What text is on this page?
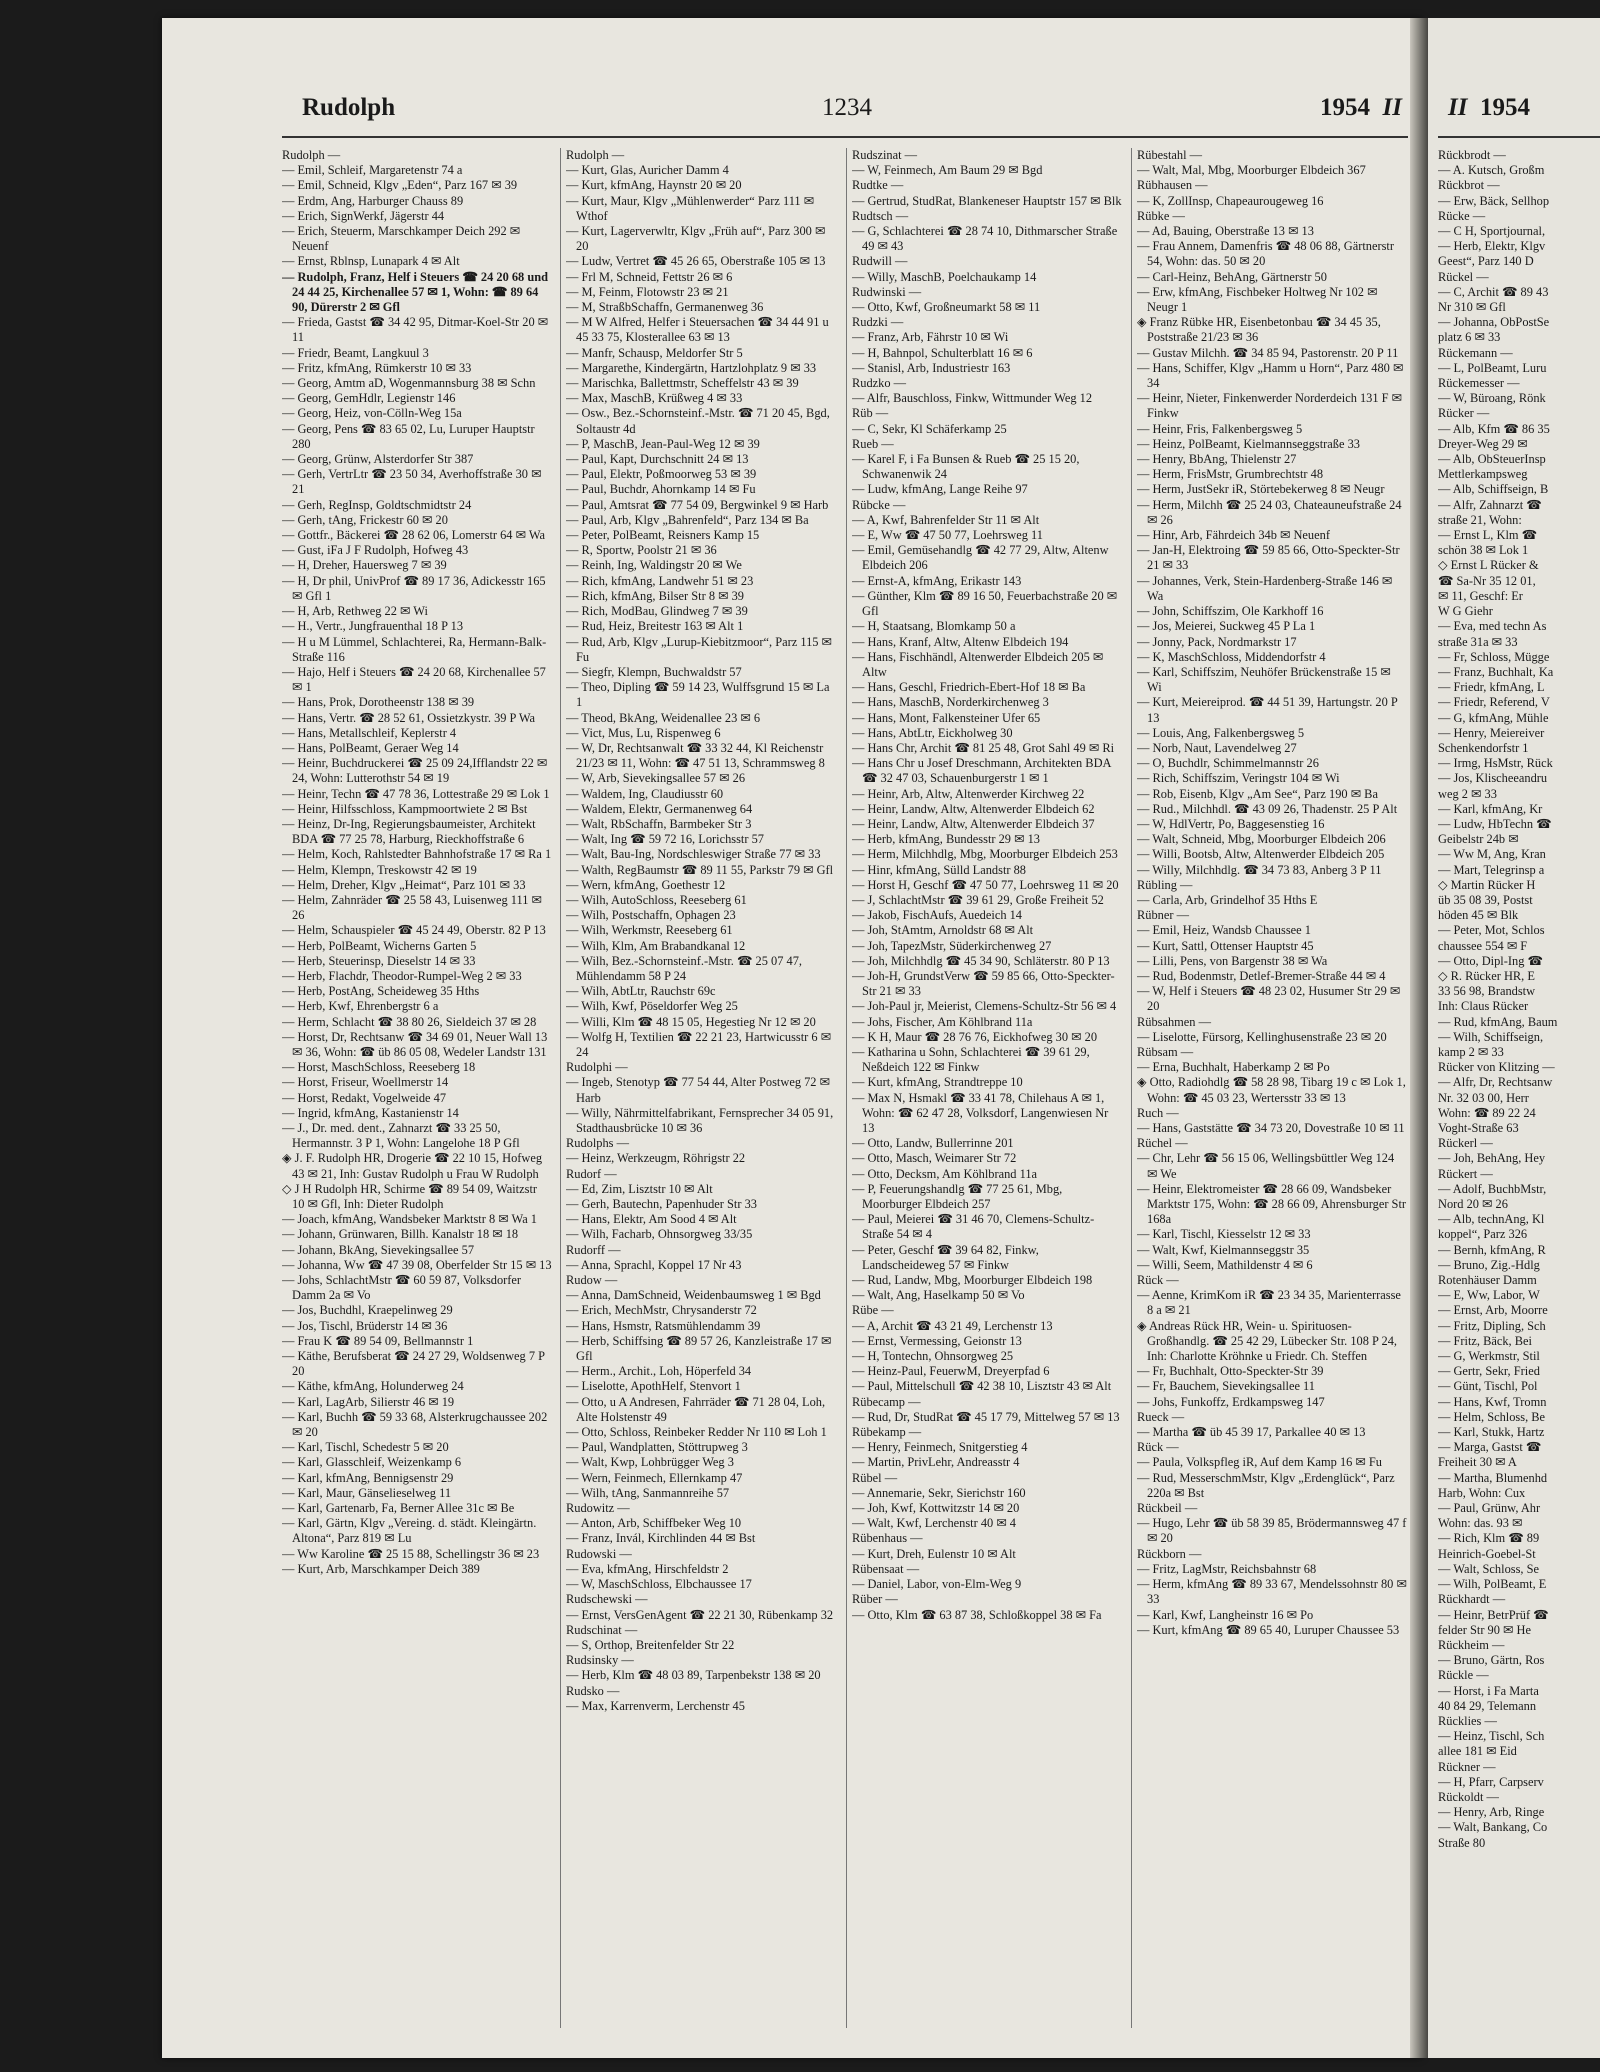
Rudolph	1234	1954 II

Rudolph —

— Emil, Schleif, Margaretenstr 74 a

— Emil, Schneid, Klgv „Eden“, Parz 167 ✉ 39

— Erdm, Ang, Harburger Chauss 89

— Erich, SignWerkf, Jägerstr 44

— Erich, Steuerm, Marschkamper Deich 292 ✉ Neuenf

— Ernst, Rblnsp, Lunapark 4 ✉ Alt

— Rudolph, Franz, Helf i Steuers ☎ 24 20 68 und 24 44 25, Kirchenallee 57 ✉ 1, Wohn: ☎ 89 64 90, Dürerstr 2 ✉ Gfl

— Frieda, Gastst ☎ 34 42 95, Ditmar-Koel-Str 20 ✉ 11

— Friedr, Beamt, Langkuul 3

— Fritz, kfmAng, Rümkerstr 10 ✉ 33

— Georg, Amtm aD, Wogenmannsburg 38 ✉ Schn

— Georg, GemHdlr, Legienstr 146

— Georg, Heiz, von-Cölln-Weg 15a

— Georg, Pens ☎ 83 65 02, Lu, Luruper Hauptstr 280

— Georg, Grünw, Alsterdorfer Str 387

— Gerh, VertrLtr ☎ 23 50 34, Averhoffstraße 30 ✉ 21

— Gerh, RegInsp, Goldtschmidtstr 24

— Gerh, tAng, Frickestr 60 ✉ 20

— Gottfr., Bäckerei ☎ 28 62 06, Lomerstr 64 ✉ Wa

— Gust, iFa J F Rudolph, Hofweg 43

— H, Dreher, Hauersweg 7 ✉ 39

— H, Dr phil, UnivProf ☎ 89 17 36, Adickesstr 165 ✉ Gfl 1

— H, Arb, Rethweg 22 ✉ Wi

— H., Vertr., Jungfrauenthal 18 P 13

— H u M Lümmel, Schlachterei, Ra, Hermann-Balk-Straße 116

— Hajo, Helf i Steuers ☎ 24 20 68, Kirchenallee 57 ✉ 1

— Hans, Prok, Dorotheenstr 138 ✉ 39

— Hans, Vertr. ☎ 28 52 61, Ossietzkystr. 39 P Wa

— Hans, Metallschleif, Keplerstr 4

— Hans, PolBeamt, Geraer Weg 14

— Heinr, Buchdruckerei ☎ 25 09 24,Ifflandstr 22 ✉ 24, Wohn: Lutterothstr 54 ✉ 19

— Heinr, Techn ☎ 47 78 36, Lottestraße 29 ✉ Lok 1

— Heinr, Hilfsschloss, Kampmoortwiete 2 ✉ Bst

— Heinz, Dr-Ing, Regierungsbaumeister, Architekt BDA ☎ 77 25 78, Harburg, Rieckhoffstraße 6

— Helm, Koch, Rahlstedter Bahnhofstraße 17 ✉ Ra 1

— Helm, Klempn, Treskowstr 42 ✉ 19

— Helm, Dreher, Klgv „Heimat“, Parz 101 ✉ 33

— Helm, Zahnräder ☎ 25 58 43, Luisenweg 111 ✉ 26

— Helm, Schauspieler ☎ 45 24 49, Oberstr. 82 P 13

— Herb, PolBeamt, Wicherns Garten 5

— Herb, Steuerinsp, Dieselstr 14 ✉ 33

— Herb, Flachdr, Theodor-Rumpel-Weg 2 ✉ 33

— Herb, PostAng, Scheideweg 35 Hths

— Herb, Kwf, Ehrenbergstr 6 a

— Herm, Schlacht ☎ 38 80 26, Sieldeich 37 ✉ 28

— Horst, Dr, Rechtsanw ☎ 34 69 01, Neuer Wall 13 ✉ 36, Wohn: ☎ üb 86 05 08, Wedeler Landstr 131

— Horst, MaschSchloss, Reeseberg 18

— Horst, Friseur, Woellmerstr 14

— Horst, Redakt, Vogelweide 47

— Ingrid, kfmAng, Kastanienstr 14

— J., Dr. med. dent., Zahnarzt ☎ 33 25 50, Hermannstr. 3 P 1, Wohn: Langelohe 18 P Gfl

◈ J. F. Rudolph HR, Drogerie ☎ 22 10 15, Hofweg 43 ✉ 21, Inh: Gustav Rudolph u Frau W Rudolph

◇ J H Rudolph HR, Schirme ☎ 89 54 09, Waitzstr 10 ✉ Gfl, Inh: Dieter Rudolph

— Joach, kfmAng, Wandsbeker Marktstr 8 ✉ Wa 1

— Johann, Grünwaren, Billh. Kanalstr 18 ✉ 18

— Johann, BkAng, Sievekingsallee 57

— Johanna, Ww ☎ 47 39 08, Oberfelder Str 15 ✉ 13

— Johs, SchlachtMstr ☎ 60 59 87, Volksdorfer Damm 2a ✉ Vo

— Jos, Buchdhl, Kraepelinweg 29

— Jos, Tischl, Brüderstr 14 ✉ 36

— Frau K ☎ 89 54 09, Bellmannstr 1

— Käthe, Berufsberat ☎ 24 27 29, Woldsenweg 7 P 20

— Käthe, kfmAng, Holunderweg 24

— Karl, LagArb, Silierstr 46 ✉ 19

— Karl, Buchh ☎ 59 33 68, Alsterkrugchaussee 202 ✉ 20

— Karl, Tischl, Schedestr 5 ✉ 20

— Karl, Glasschleif, Weizenkamp 6

— Karl, kfmAng, Bennigsenstr 29

— Karl, Maur, Gänselieselweg 11

— Karl, Gartenarb, Fa, Berner Allee 31c ✉ Be

— Karl, Gärtn, Klgv „Vereing. d. städt. Kleingärtn. Altona“, Parz 819 ✉ Lu

— Ww Karoline ☎ 25 15 88, Schellingstr 36 ✉ 23

— Kurt, Arb, Marschkamper Deich 389

Rudolph —

— Kurt, Glas, Auricher Damm 4

— Kurt, kfmAng, Haynstr 20 ✉ 20

— Kurt, Maur, Klgv „Mühlenwerder“ Parz 111 ✉ Wthof

— Kurt, Lagerverwltr, Klgv „Früh auf“, Parz 300 ✉ 20

— Ludw, Vertret ☎ 45 26 65, Oberstraße 105 ✉ 13

— Frl M, Schneid, Fettstr 26 ✉ 6

— M, Feinm, Flotowstr 23 ✉ 21

— M, StraßbSchaffn, Germanenweg 36

— M W Alfred, Helfer i Steuersachen ☎ 34 44 91 u 45 33 75, Klosterallee 63 ✉ 13

— Manfr, Schausp, Meldorfer Str 5

— Margarethe, Kindergärtn, Hartzlohplatz 9 ✉ 33

— Marischka, Ballettmstr, Scheffelstr 43 ✉ 39

— Max, MaschB, Krüßweg 4 ✉ 33

— Osw., Bez.-Schornsteinf.-Mstr. ☎ 71 20 45, Bgd, Soltaustr 4d

— P, MaschB, Jean-Paul-Weg 12 ✉ 39

— Paul, Kapt, Durchschnitt 24 ✉ 13

— Paul, Elektr, Poßmoorweg 53 ✉ 39

— Paul, Buchdr, Ahornkamp 14 ✉ Fu

— Paul, Amtsrat ☎ 77 54 09, Bergwinkel 9 ✉ Harb

— Paul, Arb, Klgv „Bahrenfeld“, Parz 134 ✉ Ba

— Peter, PolBeamt, Reisners Kamp 15

— R, Sportw, Poolstr 21 ✉ 36

— Reinh, Ing, Waldingstr 20 ✉ We

— Rich, kfmAng, Landwehr 51 ✉ 23

— Rich, kfmAng, Bilser Str 8 ✉ 39

— Rich, ModBau, Glindweg 7 ✉ 39

— Rud, Heiz, Breitestr 163 ✉ Alt 1

— Rud, Arb, Klgv „Lurup-Kiebitzmoor“, Parz 115 ✉ Fu

— Siegfr, Klempn, Buchwaldstr 57

— Theo, Dipling ☎ 59 14 23, Wulffsgrund 15 ✉ La 1

— Theod, BkAng, Weidenallee 23 ✉ 6

— Vict, Mus, Lu, Rispenweg 6

— W, Dr, Rechtsanwalt ☎ 33 32 44, Kl Reichenstr 21/23 ✉ 11, Wohn: ☎ 47 51 13, Schrammsweg 8

— W, Arb, Sievekingsallee 57 ✉ 26

— Waldem, Ing, Claudiusstr 60

— Waldem, Elektr, Germanenweg 64

— Walt, RbSchaffn, Barmbeker Str 3

— Walt, Ing ☎ 59 72 16, Lorichsstr 57

— Walt, Bau-Ing, Nordschleswiger Straße 77 ✉ 33

— Walth, RegBaumstr ☎ 89 11 55, Parkstr 79 ✉ Gfl

— Wern, kfmAng, Goethestr 12

— Wilh, AutoSchloss, Reeseberg 61

— Wilh, Postschaffn, Ophagen 23

— Wilh, Werkmstr, Reeseberg 61

— Wilh, Klm, Am Brabandkanal 12

— Wilh, Bez.-Schornsteinf.-Mstr. ☎ 25 07 47, Mühlendamm 58 P 24

— Wilh, AbtLtr, Rauchstr 69c

— Wilh, Kwf, Pöseldorfer Weg 25

— Willi, Klm ☎ 48 15 05, Hegestieg Nr 12 ✉ 20

— Wolfg H, Textilien ☎ 22 21 23, Hartwicusstr 6 ✉ 24

Rudolphi —

— Ingeb, Stenotyp ☎ 77 54 44, Alter Postweg 72 ✉ Harb

— Willy, Nährmittelfabrikant, Fernsprecher 34 05 91, Stadthausbrücke 10 ✉ 36

Rudolphs —

— Heinz, Werkzeugm, Röhrigstr 22

Rudorf —

— Ed, Zim, Lisztstr 10 ✉ Alt

— Gerh, Bautechn, Papenhuder Str 33

— Hans, Elektr, Am Sood 4 ✉ Alt

— Wilh, Facharb, Ohnsorgweg 33/35

Rudorff —

— Anna, Sprachl, Koppel 17 Nr 43

Rudow —

— Anna, DamSchneid, Weidenbaumsweg 1 ✉ Bgd

— Erich, MechMstr, Chrysanderstr 72

— Hans, Hsmstr, Ratsmühlendamm 39

— Herb, Schiffsing ☎ 89 57 26, Kanzleistraße 17 ✉ Gfl

— Herm., Archit., Loh, Höperfeld 34

— Liselotte, ApothHelf, Stenvort 1

— Otto, u A Andresen, Fahrräder ☎ 71 28 04, Loh, Alte Holstenstr 49

— Otto, Schloss, Reinbeker Redder Nr 110 ✉ Loh 1

— Paul, Wandplatten, Stöttrupweg 3

— Walt, Kwp, Lohbrügger Weg 3

— Wern, Feinmech, Ellernkamp 47

— Wilh, tAng, Sanmannreihe 57

Rudowitz —

— Anton, Arb, Schiffbeker Weg 10

— Franz, Invál, Kirchlinden 44 ✉ Bst

Rudowski —

— Eva, kfmAng, Hirschfeldstr 2

— W, MaschSchloss, Elbchaussee 17

Rudschewski —

— Ernst, VersGenAgent ☎ 22 21 30, Rübenkamp 32

Rudschinat —

— S, Orthop, Breitenfelder Str 22

Rudsinsky —

— Herb, Klm ☎ 48 03 89, Tarpenbekstr 138 ✉ 20

Rudsko —

— Max, Karrenverm, Lerchenstr 45

Rudszinat —

— W, Feinmech, Am Baum 29 ✉ Bgd

Rudtke —

— Gertrud, StudRat, Blankeneser Hauptstr 157 ✉ Blk

Rudtsch —

— G, Schlachterei ☎ 28 74 10, Dithmarscher Straße 49 ✉ 43

Rudwill —

— Willy, MaschB, Poelchaukamp 14

Rudwinski —

— Otto, Kwf, Großneumarkt 58 ✉ 11

Rudzki —

— Franz, Arb, Fährstr 10 ✉ Wi

— H, Bahnpol, Schulterblatt 16 ✉ 6

— Stanisl, Arb, Industriestr 163

Rudzko —

— Alfr, Bauschloss, Finkw, Wittmunder Weg 12

Rüb —

— C, Sekr, Kl Schäferkamp 25

Rueb —

— Karel F, i Fa Bunsen & Rueb ☎ 25 15 20, Schwanenwik 24

— Ludw, kfmAng, Lange Reihe 97

Rübcke —

— A, Kwf, Bahrenfelder Str 11 ✉ Alt

— E, Ww ☎ 47 50 77, Loehrsweg 11

— Emil, Gemüsehandlg ☎ 42 77 29, Altw, Altenw Elbdeich 206

— Ernst-A, kfmAng, Erikastr 143

— Günther, Klm ☎ 89 16 50, Feuerbachstraße 20 ✉ Gfl

— H, Staatsang, Blomkamp 50 a

— Hans, Kranf, Altw, Altenw Elbdeich 194

— Hans, Fischhändl, Altenwerder Elbdeich 205 ✉ Altw

— Hans, Geschl, Friedrich-Ebert-Hof 18 ✉ Ba

— Hans, MaschB, Norderkirchenweg 3

— Hans, Mont, Falkensteiner Ufer 65

— Hans, AbtLtr, Eickholweg 30

— Hans Chr, Archit ☎ 81 25 48, Grot Sahl 49 ✉ Ri

— Hans Chr u Josef Dreschmann, Architekten BDA ☎ 32 47 03, Schauenburgerstr 1 ✉ 1

— Heinr, Arb, Altw, Altenwerder Kirchweg 22

— Heinr, Landw, Altw, Altenwerder Elbdeich 62

— Heinr, Landw, Altw, Altenwerder Elbdeich 37

— Herb, kfmAng, Bundesstr 29 ✉ 13

— Herm, Milchhdlg, Mbg, Moorburger Elbdeich 253

— Hinr, kfmAng, Sülld Landstr 88

— Horst H, Geschf ☎ 47 50 77, Loehrsweg 11 ✉ 20

— J, SchlachtMstr ☎ 39 61 29, Große Freiheit 52

— Jakob, FischAufs, Auedeich 14

— Joh, StAmtm, Arnoldstr 68 ✉ Alt

— Joh, TapezMstr, Süderkirchenweg 27

— Joh, Milchhdlg ☎ 45 34 90, Schläterstr. 80 P 13

— Joh-H, GrundstVerw ☎ 59 85 66, Otto-Speckter-Str 21 ✉ 33

— Joh-Paul jr, Meierist, Clemens-Schultz-Str 56 ✉ 4

— Johs, Fischer, Am Köhlbrand 11a

— K H, Maur ☎ 28 76 76, Eickhofweg 30 ✉ 20

— Katharina u Sohn, Schlachterei ☎ 39 61 29, Neßdeich 122 ✉ Finkw

— Kurt, kfmAng, Strandtreppe 10

— Max N, Hsmakl ☎ 33 41 78, Chilehaus A ✉ 1, Wohn: ☎ 62 47 28, Volksdorf, Langenwiesen Nr 13

— Otto, Landw, Bullerrinne 201

— Otto, Masch, Weimarer Str 72

— Otto, Decksm, Am Köhlbrand 11a

— P, Feuerungshandlg ☎ 77 25 61, Mbg, Moorburger Elbdeich 257

— Paul, Meierei ☎ 31 46 70, Clemens-Schultz-Straße 54 ✉ 4

— Peter, Geschf ☎ 39 64 82, Finkw, Landscheideweg 57 ✉ Finkw

— Rud, Landw, Mbg, Moorburger Elbdeich 198

— Walt, Ang, Haselkamp 50 ✉ Vo

Rübe —

— A, Archit ☎ 43 21 49, Lerchenstr 13

— Ernst, Vermessing, Geionstr 13

— H, Tontechn, Ohnsorgweg 25

— Heinz-Paul, FeuerwM, Dreyerpfad 6

— Paul, Mittelschull ☎ 42 38 10, Lisztstr 43 ✉ Alt

Rübecamp —

— Rud, Dr, StudRat ☎ 45 17 79, Mittelweg 57 ✉ 13

Rübekamp —

— Henry, Feinmech, Snitgerstieg 4

— Martin, PrivLehr, Andreasstr 4

Rübel —

— Annemarie, Sekr, Sierichstr 160

— Joh, Kwf, Kottwitzstr 14 ✉ 20

— Walt, Kwf, Lerchenstr 40 ✉ 4

Rübenhaus —

— Kurt, Dreh, Eulenstr 10 ✉ Alt

Rübensaat —

— Daniel, Labor, von-Elm-Weg 9

Rüber —

— Otto, Klm ☎ 63 87 38, Schloßkoppel 38 ✉ Fa

Rübestahl —

— Walt, Mal, Mbg, Moorburger Elbdeich 367

Rübhausen —

— K, ZollInsp, Chapeaurougeweg 16

Rübke —

— Ad, Bauing, Oberstraße 13 ✉ 13

— Frau Annem, Damenfris ☎ 48 06 88, Gärtnerstr 54, Wohn: das. 50 ✉ 20

— Carl-Heinz, BehAng, Gärtnerstr 50

— Erw, kfmAng, Fischbeker Holtweg Nr 102 ✉ Neugr 1

◈ Franz Rübke HR, Eisenbetonbau ☎ 34 45 35, Poststraße 21/23 ✉ 36

— Gustav Milchh. ☎ 34 85 94, Pastorenstr. 20 P 11

— Hans, Schiffer, Klgv „Hamm u Horn“, Parz 480 ✉ 34

— Heinr, Nieter, Finkenwerder Norderdeich 131 F ✉ Finkw

— Heinr, Fris, Falkenbergsweg 5

— Heinz, PolBeamt, Kielmannseggstraße 33

— Henry, BbAng, Thielenstr 27

— Herm, FrisMstr, Grumbrechtstr 48

— Herm, JustSekr iR, Störtebekerweg 8 ✉ Neugr

— Herm, Milchh ☎ 25 24 03, Chateauneufstraße 24 ✉ 26

— Hinr, Arb, Fährdeich 34b ✉ Neuenf

— Jan-H, Elektroing ☎ 59 85 66, Otto-Speckter-Str 21 ✉ 33

— Johannes, Verk, Stein-Hardenberg-Straße 146 ✉ Wa

— John, Schiffszim, Ole Karkhoff 16

— Jos, Meierei, Suckweg 45 P La 1

— Jonny, Pack, Nordmarkstr 17

— K, MaschSchloss, Middendorfstr 4

— Karl, Schiffszim, Neuhöfer Brückenstraße 15 ✉ Wi

— Kurt, Meiereiprod. ☎ 44 51 39, Hartungstr. 20 P 13

— Louis, Ang, Falkenbergsweg 5

— Norb, Naut, Lavendelweg 27

— O, Buchdlr, Schimmelmannstr 26

— Rich, Schiffszim, Veringstr 104 ✉ Wi

— Rob, Eisenb, Klgv „Am See“, Parz 190 ✉ Ba

— Rud., Milchhdl. ☎ 43 09 26, Thadenstr. 25 P Alt

— W, HdlVertr, Po, Baggesenstieg 16

— Walt, Schneid, Mbg, Moorburger Elbdeich 206

— Willi, Bootsb, Altw, Altenwerder Elbdeich 205

— Willy, Milchhdlg. ☎ 34 73 83, Anberg 3 P 11

Rübling —

— Carla, Arb, Grindelhof 35 Hths E

Rübner —

— Emil, Heiz, Wandsb Chaussee 1

— Kurt, Sattl, Ottenser Hauptstr 45

— Lilli, Pens, von Bargenstr 38 ✉ Wa

— Rud, Bodenmstr, Detlef-Bremer-Straße 44 ✉ 4

— W, Helf i Steuers ☎ 48 23 02, Husumer Str 29 ✉ 20

Rübsahmen —

— Liselotte, Fürsorg, Kellinghusenstraße 23 ✉ 20

Rübsam —

— Erna, Buchhalt, Haberkamp 2 ✉ Po

◈ Otto, Radiohdlg ☎ 58 28 98, Tibarg 19 c ✉ Lok 1, Wohn: ☎ 45 03 23, Wertersstr 33 ✉ 13

Ruch —

— Hans, Gaststätte ☎ 34 73 20, Dovestraße 10 ✉ 11

Rüchel —

— Chr, Lehr ☎ 56 15 06, Wellingsbüttler Weg 124 ✉ We

— Heinr, Elektromeister ☎ 28 66 09, Wandsbeker Marktstr 175, Wohn: ☎ 28 66 09, Ahrensburger Str 168a

— Karl, Tischl, Kiesselstr 12 ✉ 33

— Walt, Kwf, Kielmannseggstr 35

— Willi, Seem, Mathildenstr 4 ✉ 6

Rück —

— Aenne, KrimKom iR ☎ 23 34 35, Marienterrasse 8 a ✉ 21

◈ Andreas Rück HR, Wein- u. Spirituosen-Großhandlg. ☎ 25 42 29, Lübecker Str. 108 P 24, Inh: Charlotte Kröhnke u Friedr. Ch. Steffen

— Fr, Buchhalt, Otto-Speckter-Str 39

— Fr, Bauchem, Sievekingsallee 11

— Johs, Funkoffz, Erdkampsweg 147

Rueck —

— Martha ☎ üb 45 39 17, Parkallee 40 ✉ 13

Rück —

— Paula, Volkspfleg iR, Auf dem Kamp 16 ✉ Fu

— Rud, MesserschmMstr, Klgv „Erdenglück“, Parz 220a ✉ Bst

Rückbeil —

— Hugo, Lehr ☎ üb 58 39 85, Brödermannsweg 47 f ✉ 20

Rückborn —

— Fritz, LagMstr, Reichsbahnstr 68

— Herm, kfmAng ☎ 89 33 67, Mendelssohnstr 80 ✉ 33

— Karl, Kwf, Langheinstr 16 ✉ Po

— Kurt, kfmAng ☎ 89 65 40, Luruper Chaussee 53

II 1954

Rückbrodt —

— A. Kutsch, Großm

Rückbrot —

— Erw, Bäck, Sellhop

Rücke —

— C H, Sportjournal,

— Herb, Elektr, Klgv

Geest“, Parz 140 D

Rückel —

— C, Archit ☎ 89 43

Nr 310 ✉ Gfl

— Johanna, ObPostSe

platz 6 ✉ 33

Rückemann —

— L, PolBeamt, Luru

Rückemesser —

— W, Büroang, Rönk

Rücker —

— Alb, Kfm ☎ 86 35

Dreyer-Weg 29 ✉

— Alb, ObSteuerInsp

Mettlerkampsweg

— Alb, Schiffseign, B

— Alfr, Zahnarzt ☎

straße 21, Wohn:

— Ernst L, Klm ☎

schön 38 ✉ Lok 1

◇ Ernst L Rücker &

☎ Sa-Nr 35 12 01,

✉ 11, Geschf: Er

W G Giehr

— Eva, med techn As

straße 31a ✉ 33

— Fr, Schloss, Mügge

— Franz, Buchhalt, Ka

— Friedr, kfmAng, L

— Friedr, Referend, V

— G, kfmAng, Mühle

— Henry, Meiereiver

Schenkendorfstr 1

— Irmg, HsMstr, Rück

— Jos, Klischeeandru

weg 2 ✉ 33

— Karl, kfmAng, Kr

— Ludw, HbTechn ☎

Geibelstr 24b ✉

— Ww M, Ang, Kran

— Mart, Telegrinsp a

◇ Martin Rücker H

üb 35 08 39, Postst

höden 45 ✉ Blk

— Peter, Mot, Schlos

chaussee 554 ✉ F

— Otto, Dipl-Ing ☎

◇ R. Rücker HR, E

33 56 98, Brandstw

Inh: Claus Rücker

— Rud, kfmAng, Baum

— Wilh, Schiffseign,

kamp 2 ✉ 33

Rücker von Klitzing —

— Alfr, Dr, Rechtsanw

Nr. 32 03 00, Herr

Wohn: ☎ 89 22 24

Voght-Straße 63

Rückerl —

— Joh, BehAng, Hey

Rückert —

— Adolf, BuchbMstr,

Nord 20 ✉ 26

— Alb, technAng, Kl

koppel“, Parz 326

— Bernh, kfmAng, R

— Bruno, Zig.-Hdlg

Rotenhäuser Damm

— E, Ww, Labor, W

— Ernst, Arb, Moorre

— Fritz, Dipling, Sch

— Fritz, Bäck, Bei

— G, Werkmstr, Stil

— Gertr, Sekr, Fried

— Günt, Tischl, Pol

— Hans, Kwf, Tromn

— Helm, Schloss, Be

— Karl, Stukk, Hartz

— Marga, Gastst ☎

Freiheit 30 ✉ A

— Martha, Blumenhd

Harb, Wohn: Cux

— Paul, Grünw, Ahr

Wohn: das. 93 ✉

— Rich, Klm ☎ 89

Heinrich-Goebel-St

— Walt, Schloss, Se

— Wilh, PolBeamt, E

Rückhardt —

— Heinr, BetrPrüf ☎

felder Str 90 ✉ He

Rückheim —

— Bruno, Gärtn, Ros

Rückle —

— Horst, i Fa Marta

40 84 29, Telemann

Rücklies —

— Heinz, Tischl, Sch

allee 181 ✉ Eid

Rückner —

— H, Pfarr, Carpserv

Rückoldt —

— Henry, Arb, Ringe

— Walt, Bankang, Co

Straße 80
